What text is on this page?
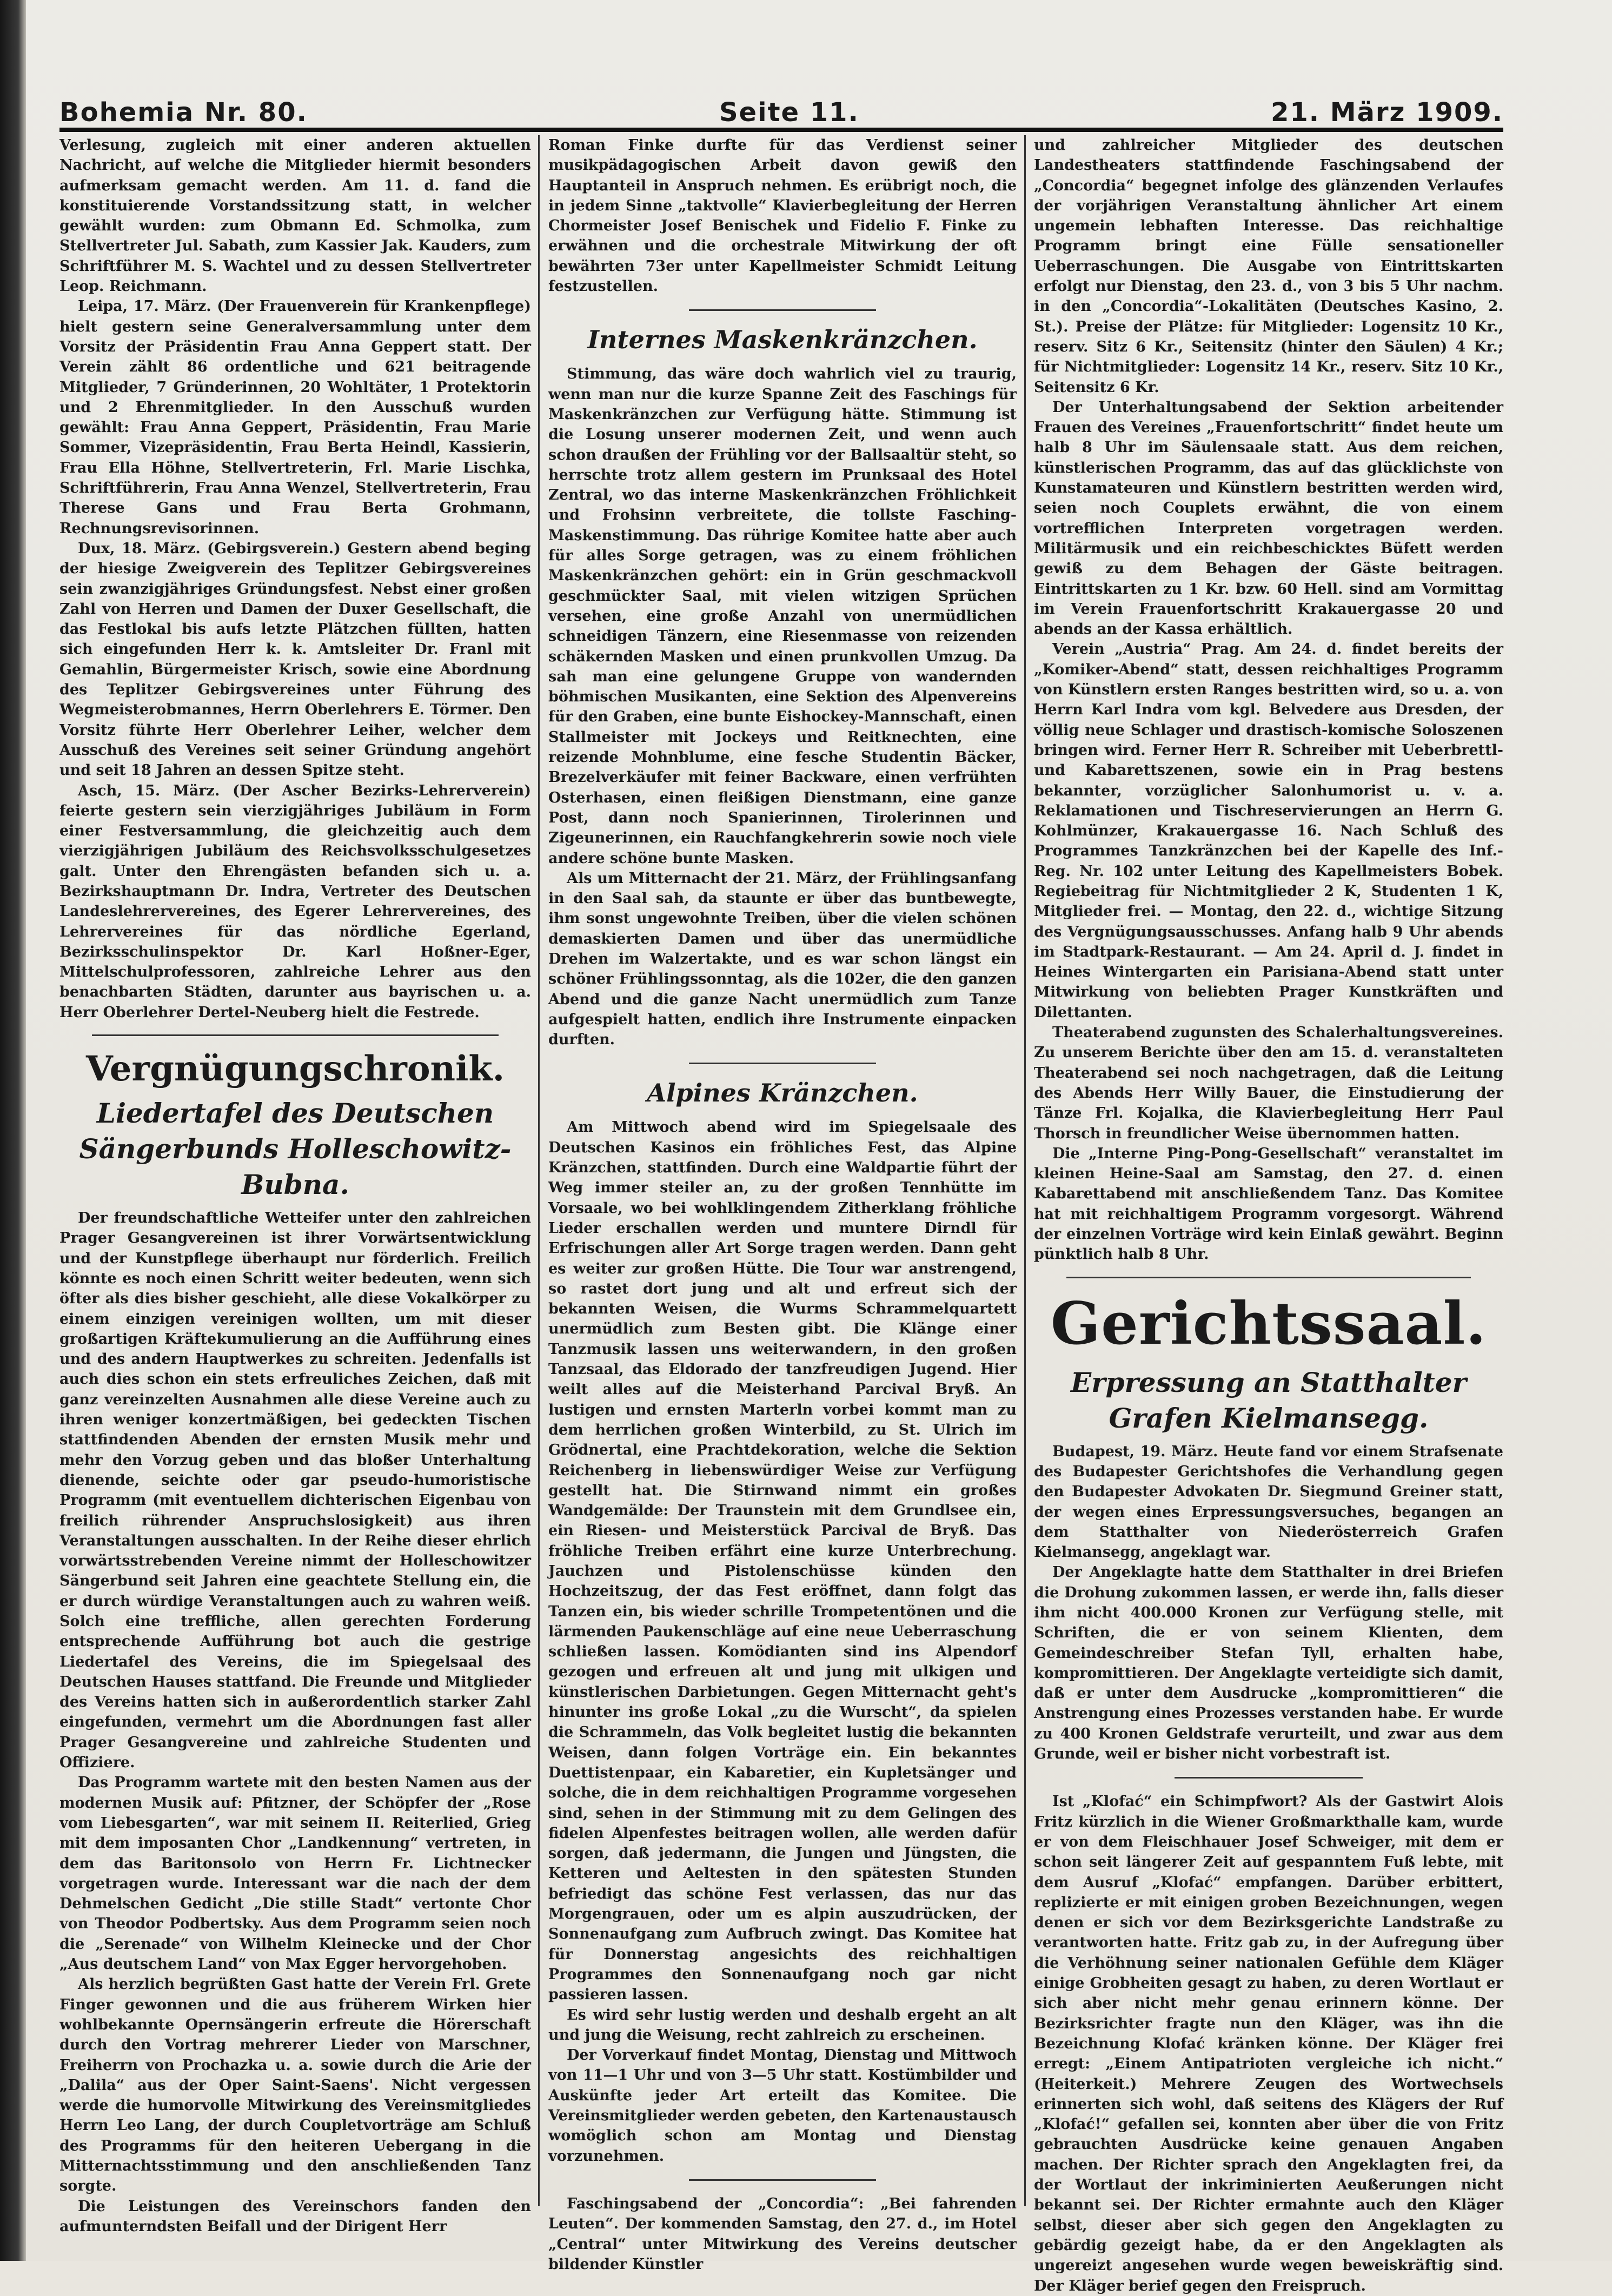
Bohemia Nr. 80.	Seite 11.	21. März 1909.

Verlesung, zugleich mit einer anderen aktuellen Nachricht, auf welche die Mitglieder hiermit besonders aufmerksam gemacht werden. Am 11. d. fand die konstituierende Vorstandssitzung statt, in welcher gewählt wurden: zum Obmann Ed. Schmolka, zum Stellvertreter Jul. Sabath, zum Kassier Jak. Kauders, zum Schriftführer M. S. Wachtel und zu dessen Stellvertreter Leop. Reichmann.

Leipa, 17. März. (Der Frauenverein für Krankenpflege) hielt gestern seine Generalversammlung unter dem Vorsitz der Präsidentin Frau Anna Geppert statt. Der Verein zählt 86 ordentliche und 621 beitragende Mitglieder, 7 Gründerinnen, 20 Wohltäter, 1 Protektorin und 2 Ehrenmitglieder. In den Ausschuß wurden gewählt: Frau Anna Geppert, Präsidentin, Frau Marie Sommer, Vizepräsidentin, Frau Berta Heindl, Kassierin, Frau Ella Höhne, Stellvertreterin, Frl. Marie Lischka, Schriftführerin, Frau Anna Wenzel, Stellvertreterin, Frau Therese Gans und Frau Berta Grohmann, Rechnungsrevisorinnen.

Dux, 18. März. (Gebirgsverein.) Gestern abend beging der hiesige Zweigverein des Teplitzer Gebirgsvereines sein zwanzigjähriges Gründungsfest. Nebst einer großen Zahl von Herren und Damen der Duxer Gesellschaft, die das Festlokal bis aufs letzte Plätzchen füllten, hatten sich eingefunden Herr k. k. Amtsleiter Dr. Franl mit Gemahlin, Bürgermeister Krisch, sowie eine Abordnung des Teplitzer Gebirgsvereines unter Führung des Wegmeisterobmannes, Herrn Oberlehrers E. Törmer. Den Vorsitz führte Herr Oberlehrer Leiher, welcher dem Ausschuß des Vereines seit seiner Gründung angehört und seit 18 Jahren an dessen Spitze steht.

Asch, 15. März. (Der Ascher Bezirks-Lehrerverein) feierte gestern sein vierzigjähriges Jubiläum in Form einer Festversammlung, die gleichzeitig auch dem vierzigjährigen Jubiläum des Reichsvolksschulgesetzes galt. Unter den Ehrengästen befanden sich u. a. Bezirkshauptmann Dr. Indra, Vertreter des Deutschen Landeslehrervereines, des Egerer Lehrervereines, des Lehrervereines für das nördliche Egerland, Bezirksschulinspektor Dr. Karl Hoßner-Eger, Mittelschulprofessoren, zahlreiche Lehrer aus den benachbarten Städten, darunter aus bayrischen u. a. Herr Oberlehrer Dertel-Neuberg hielt die Festrede.

Vergnügungschronik.
Liedertafel des Deutschen Sängerbunds Holleschowitz-Bubna.

Der freundschaftliche Wetteifer unter den zahlreichen Prager Gesangvereinen ist ihrer Vorwärtsentwicklung und der Kunstpflege überhaupt nur förderlich. Freilich könnte es noch einen Schritt weiter bedeuten, wenn sich öfter als dies bisher geschieht, alle diese Vokalkörper zu einem einzigen vereinigen wollten, um mit dieser großartigen Kräftekumulierung an die Aufführung eines und des andern Hauptwerkes zu schreiten. Jedenfalls ist auch dies schon ein stets erfreuliches Zeichen, daß mit ganz vereinzelten Ausnahmen alle diese Vereine auch zu ihren weniger konzertmäßigen, bei gedeckten Tischen stattfindenden Abenden der ernsten Musik mehr und mehr den Vorzug geben und das bloßer Unterhaltung dienende, seichte oder gar pseudo-humoristische Programm (mit eventuellem dichterischen Eigenbau von freilich rührender Anspruchslosigkeit) aus ihren Veranstaltungen ausschalten. In der Reihe dieser ehrlich vorwärtsstrebenden Vereine nimmt der Holleschowitzer Sängerbund seit Jahren eine geachtete Stellung ein, die er durch würdige Veranstaltungen auch zu wahren weiß. Solch eine treffliche, allen gerechten Forderung entsprechende Aufführung bot auch die gestrige Liedertafel des Vereins, die im Spiegelsaal des Deutschen Hauses stattfand. Die Freunde und Mitglieder des Vereins hatten sich in außerordentlich starker Zahl eingefunden, vermehrt um die Abordnungen fast aller Prager Gesangvereine und zahlreiche Studenten und Offiziere.

Das Programm wartete mit den besten Namen aus der modernen Musik auf: Pfitzner, der Schöpfer der „Rose vom Liebesgarten“, war mit seinem II. Reiterlied, Grieg mit dem imposanten Chor „Landkennung“ vertreten, in dem das Baritonsolo von Herrn Fr. Lichtnecker vorgetragen wurde. Interessant war die nach der dem Dehmelschen Gedicht „Die stille Stadt“ vertonte Chor von Theodor Podbertsky. Aus dem Programm seien noch die „Serenade“ von Wilhelm Kleinecke und der Chor „Aus deutschem Land“ von Max Egger hervorgehoben.

Als herzlich begrüßten Gast hatte der Verein Frl. Grete Finger gewonnen und die aus früherem Wirken hier wohlbekannte Opernsängerin erfreute die Hörerschaft durch den Vortrag mehrerer Lieder von Marschner, Freiherrn von Prochazka u. a. sowie durch die Arie der „Dalila“ aus der Oper Saint-Saens'. Nicht vergessen werde die humorvolle Mitwirkung des Vereinsmitgliedes Herrn Leo Lang, der durch Coupletvorträge am Schluß des Programms für den heiteren Uebergang in die Mitternachtsstimmung und den anschließenden Tanz sorgte.

Die Leistungen des Vereinschors fanden den aufmunterndsten Beifall und der Dirigent Herr

Roman Finke durfte für das Verdienst seiner musikpädagogischen Arbeit davon gewiß den Hauptanteil in Anspruch nehmen. Es erübrigt noch, die in jedem Sinne „taktvolle“ Klavierbegleitung der Herren Chormeister Josef Benischek und Fidelio F. Finke zu erwähnen und die orchestrale Mitwirkung der oft bewährten 73er unter Kapellmeister Schmidt Leitung festzustellen.

Internes Maskenkränzchen.

Stimmung, das wäre doch wahrlich viel zu traurig, wenn man nur die kurze Spanne Zeit des Faschings für Maskenkränzchen zur Verfügung hätte. Stimmung ist die Losung unserer modernen Zeit, und wenn auch schon draußen der Frühling vor der Ballsaaltür steht, so herrschte trotz allem gestern im Prunksaal des Hotel Zentral, wo das interne Maskenkränzchen Fröhlichkeit und Frohsinn verbreitete, die tollste Fasching-Maskenstimmung. Das rührige Komitee hatte aber auch für alles Sorge getragen, was zu einem fröhlichen Maskenkränzchen gehört: ein in Grün geschmackvoll geschmückter Saal, mit vielen witzigen Sprüchen versehen, eine große Anzahl von unermüdlichen schneidigen Tänzern, eine Riesenmasse von reizenden schäkernden Masken und einen prunkvollen Umzug. Da sah man eine gelungene Gruppe von wandernden böhmischen Musikanten, eine Sektion des Alpenvereins für den Graben, eine bunte Eishockey-Mannschaft, einen Stallmeister mit Jockeys und Reitknechten, eine reizende Mohnblume, eine fesche Studentin Bäcker, Brezelverkäufer mit feiner Backware, einen verfrühten Osterhasen, einen fleißigen Dienstmann, eine ganze Post, dann noch Spanierinnen, Tirolerinnen und Zigeunerinnen, ein Rauchfangkehrerin sowie noch viele andere schöne bunte Masken.

Als um Mitternacht der 21. März, der Frühlingsanfang in den Saal sah, da staunte er über das buntbewegte, ihm sonst ungewohnte Treiben, über die vielen schönen demaskierten Damen und über das unermüdliche Drehen im Walzertakte, und es war schon längst ein schöner Frühlingssonntag, als die 102er, die den ganzen Abend und die ganze Nacht unermüdlich zum Tanze aufgespielt hatten, endlich ihre Instrumente einpacken durften.

Alpines Kränzchen.

Am Mittwoch abend wird im Spiegelsaale des Deutschen Kasinos ein fröhliches Fest, das Alpine Kränzchen, stattfinden. Durch eine Waldpartie führt der Weg immer steiler an, zu der großen Tennhütte im Vorsaale, wo bei wohlklingendem Zitherklang fröhliche Lieder erschallen werden und muntere Dirndl für Erfrischungen aller Art Sorge tragen werden. Dann geht es weiter zur großen Hütte. Die Tour war anstrengend, so rastet dort jung und alt und erfreut sich der bekannten Weisen, die Wurms Schrammelquartett unermüdlich zum Besten gibt. Die Klänge einer Tanzmusik lassen uns weiterwandern, in den großen Tanzsaal, das Eldorado der tanzfreudigen Jugend. Hier weilt alles auf die Meisterhand Parcival Bryß. An lustigen und ernsten Marterln vorbei kommt man zu dem herrlichen großen Winterbild, zu St. Ulrich im Grödnertal, eine Prachtdekoration, welche die Sektion Reichenberg in liebenswürdiger Weise zur Verfügung gestellt hat. Die Stirnwand nimmt ein großes Wandgemälde: Der Traunstein mit dem Grundlsee ein, ein Riesen- und Meisterstück Parcival de Bryß. Das fröhliche Treiben erfährt eine kurze Unterbrechung. Jauchzen und Pistolenschüsse künden den Hochzeitszug, der das Fest eröffnet, dann folgt das Tanzen ein, bis wieder schrille Trompetentönen und die lärmenden Paukenschläge auf eine neue Ueberraschung schließen lassen. Komödianten sind ins Alpendorf gezogen und erfreuen alt und jung mit ulkigen und künstlerischen Darbietungen. Gegen Mitternacht geht's hinunter ins große Lokal „zu die Wurscht“, da spielen die Schrammeln, das Volk begleitet lustig die bekannten Weisen, dann folgen Vorträge ein. Ein bekanntes Duettistenpaar, ein Kabaretier, ein Kupletsänger und solche, die in dem reichhaltigen Programme vorgesehen sind, sehen in der Stimmung mit zu dem Gelingen des fidelen Alpenfestes beitragen wollen, alle werden dafür sorgen, daß jedermann, die Jungen und Jüngsten, die Ketteren und Aeltesten in den spätesten Stunden befriedigt das schöne Fest verlassen, das nur das Morgengrauen, oder um es alpin auszudrücken, der Sonnenaufgang zum Aufbruch zwingt. Das Komitee hat für Donnerstag angesichts des reichhaltigen Programmes den Sonnenaufgang noch gar nicht passieren lassen.

Es wird sehr lustig werden und deshalb ergeht an alt und jung die Weisung, recht zahlreich zu erscheinen.

Der Vorverkauf findet Montag, Dienstag und Mittwoch von 11—1 Uhr und von 3—5 Uhr statt. Kostümbilder und Auskünfte jeder Art erteilt das Komitee. Die Vereinsmitglieder werden gebeten, den Kartenaustausch womöglich schon am Montag und Dienstag vorzunehmen.

Faschingsabend der „Concordia“: „Bei fahrenden Leuten“. Der kommenden Samstag, den 27. d., im Hotel „Central“ unter Mitwirkung des Vereins deutscher bildender Künstler

und zahlreicher Mitglieder des deutschen Landestheaters stattfindende Faschingsabend der „Concordia“ begegnet infolge des glänzenden Verlaufes der vorjährigen Veranstaltung ähnlicher Art einem ungemein lebhaften Interesse. Das reichhaltige Programm bringt eine Fülle sensationeller Ueberraschungen. Die Ausgabe von Eintrittskarten erfolgt nur Dienstag, den 23. d., von 3 bis 5 Uhr nachm. in den „Concordia“-Lokalitäten (Deutsches Kasino, 2. St.). Preise der Plätze: für Mitglieder: Logensitz 10 Kr., reserv. Sitz 6 Kr., Seitensitz (hinter den Säulen) 4 Kr.; für Nichtmitglieder: Logensitz 14 Kr., reserv. Sitz 10 Kr., Seitensitz 6 Kr.

Der Unterhaltungsabend der Sektion arbeitender Frauen des Vereines „Frauenfortschritt“ findet heute um halb 8 Uhr im Säulensaale statt. Aus dem reichen, künstlerischen Programm, das auf das glücklichste von Kunstamateuren und Künstlern bestritten werden wird, seien noch Couplets erwähnt, die von einem vortrefflichen Interpreten vorgetragen werden. Militärmusik und ein reichbeschicktes Büfett werden gewiß zu dem Behagen der Gäste beitragen. Eintrittskarten zu 1 Kr. bzw. 60 Hell. sind am Vormittag im Verein Frauenfortschritt Krakauergasse 20 und abends an der Kassa erhältlich.

Verein „Austria“ Prag. Am 24. d. findet bereits der „Komiker-Abend“ statt, dessen reichhaltiges Programm von Künstlern ersten Ranges bestritten wird, so u. a. von Herrn Karl Indra vom kgl. Belvedere aus Dresden, der völlig neue Schlager und drastisch-komische Soloszenen bringen wird. Ferner Herr R. Schreiber mit Ueberbrettl- und Kabarettszenen, sowie ein in Prag bestens bekannter, vorzüglicher Salonhumorist u. v. a. Reklamationen und Tischreservierungen an Herrn G. Kohlmünzer, Krakauergasse 16. Nach Schluß des Programmes Tanzkränzchen bei der Kapelle des Inf.-Reg. Nr. 102 unter Leitung des Kapellmeisters Bobek. Regiebeitrag für Nichtmitglieder 2 K, Studenten 1 K, Mitglieder frei. — Montag, den 22. d., wichtige Sitzung des Vergnügungsausschusses. Anfang halb 9 Uhr abends im Stadtpark-Restaurant. — Am 24. April d. J. findet in Heines Wintergarten ein Parisiana-Abend statt unter Mitwirkung von beliebten Prager Kunstkräften und Dilettanten.

Theaterabend zugunsten des Schalerhaltungsvereines. Zu unserem Berichte über den am 15. d. veranstalteten Theaterabend sei noch nachgetragen, daß die Leitung des Abends Herr Willy Bauer, die Einstudierung der Tänze Frl. Kojalka, die Klavierbegleitung Herr Paul Thorsch in freundlicher Weise übernommen hatten.

Die „Interne Ping-Pong-Gesellschaft“ veranstaltet im kleinen Heine-Saal am Samstag, den 27. d. einen Kabarettabend mit anschließendem Tanz. Das Komitee hat mit reichhaltigem Programm vorgesorgt. Während der einzelnen Vorträge wird kein Einlaß gewährt. Beginn pünktlich halb 8 Uhr.

Gerichtssaal.
Erpressung an Statthalter Grafen Kielmansegg.

Budapest, 19. März. Heute fand vor einem Strafsenate des Budapester Gerichtshofes die Verhandlung gegen den Budapester Advokaten Dr. Siegmund Greiner statt, der wegen eines Erpressungsversuches, begangen an dem Statthalter von Niederösterreich Grafen Kielmansegg, angeklagt war.

Der Angeklagte hatte dem Statthalter in drei Briefen die Drohung zukommen lassen, er werde ihn, falls dieser ihm nicht 400.000 Kronen zur Verfügung stelle, mit Schriften, die er von seinem Klienten, dem Gemeindeschreiber Stefan Tyll, erhalten habe, kompromittieren. Der Angeklagte verteidigte sich damit, daß er unter dem Ausdrucke „kompromittieren“ die Anstrengung eines Prozesses verstanden habe. Er wurde zu 400 Kronen Geldstrafe verurteilt, und zwar aus dem Grunde, weil er bisher nicht vorbestraft ist.

Ist „Klofać“ ein Schimpfwort? Als der Gastwirt Alois Fritz kürzlich in die Wiener Großmarkthalle kam, wurde er von dem Fleischhauer Josef Schweiger, mit dem er schon seit längerer Zeit auf gespanntem Fuß lebte, mit dem Ausruf „Klofać“ empfangen. Darüber erbittert, replizierte er mit einigen groben Bezeichnungen, wegen denen er sich vor dem Bezirksgerichte Landstraße zu verantworten hatte. Fritz gab zu, in der Aufregung über die Verhöhnung seiner nationalen Gefühle dem Kläger einige Grobheiten gesagt zu haben, zu deren Wortlaut er sich aber nicht mehr genau erinnern könne. Der Bezirksrichter fragte nun den Kläger, was ihn die Bezeichnung Klofać kränken könne. Der Kläger frei erregt: „Einem Antipatrioten vergleiche ich nicht.“ (Heiterkeit.) Mehrere Zeugen des Wortwechsels erinnerten sich wohl, daß seitens des Klägers der Ruf „Klofać!“ gefallen sei, konnten aber über die von Fritz gebrauchten Ausdrücke keine genauen Angaben machen. Der Richter sprach den Angeklagten frei, da der Wortlaut der inkriminierten Aeußerungen nicht bekannt sei. Der Richter ermahnte auch den Kläger selbst, dieser aber sich gegen den Angeklagten zu gebärdig gezeigt habe, da er den Angeklagten als ungereizt angesehen wurde wegen beweiskräftig sind. Der Kläger berief gegen den Freispruch.
